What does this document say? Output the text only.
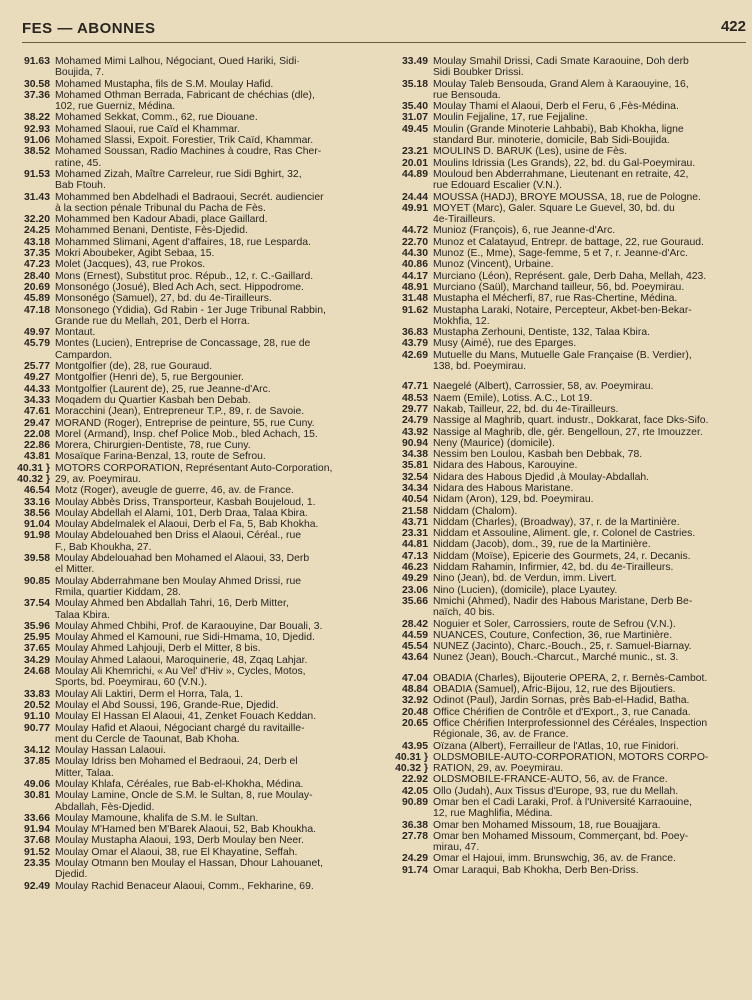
FES — ABONNES	422
91.63 Mohamed Mimi Lalhou, Négociant, Oued Hariki, Sidi·
Boujida, 7.
30.58 Mohamed Mustapha, fils de S.M. Moulay Hafid.
37.36 Mohamed Othman Berrada, Fabricant de chéchias (dle),
102, rue Guerniz, Médina.
38.22 Mohamed Sekkat, Comm., 62, rue Diouane.
92.93 Mohamed Slaoui, rue Caïd el Khammar.
91.06 Mohamed Slassi, Expoit. Forestier, Trik Caïd, Khammar.
38.52 Mohamed Soussan, Radio Machines à coudre, Ras Cher-
ratine, 45.
91.53 Mohamed Zizah, Maître Carreleur, rue Sidi Bghirt, 32,
Bab Ftouh.
31.43 Mohammed ben Abdelhadi el Badraoui, Secrét. audiencier
à la section pénale Tribunal du Pacha de Fès.
32.20 Mohammed ben Kadour Abadi, place Gaillard.
24.25 Mohammed Benani, Dentiste, Fès-Djedid.
43.18 Mohammed Slimani, Agent d'affaires, 18, rue Lesparda.
37.35 Mokri Aboubeker, Agibt Sebaa, 15.
47.23 Molet (Jacques), 43, rue Prokos.
28.40 Mons (Ernest), Substitut proc. Répub., 12, r. C.-Gaillard.
20.69 Monsonégo (Josué), Bled Ach Ach, sect. Hippodrome.
45.89 Monsonégo (Samuel), 27, bd. du 4e-Tirailleurs.
47.18 Monsonego (Ydidia), Gd Rabin - 1er Juge Tribunal Rabbin,
Grande rue du Mellah, 201, Derb el Horra.
49.97 Montaut.
45.79 Montes (Lucien), Entreprise de Concassage, 28, rue de
Campardon.
25.77 Montgolfier (de), 28, rue Gouraud.
49.27 Montgolfier (Henri de), 5, rue Bergounier.
44.33 Montgolfier (Laurent de), 25, rue Jeanne-d'Arc.
34.33 Moqadem du Quartier Kasbah ben Debab.
47.61 Moracchini (Jean), Entrepreneur T.P., 89, r. de Savoie.
29.47 MORAND (Roger), Entreprise de peinture, 55, rue Cuny.
22.08 Morel (Armand), Insp. chef Police Mob., bled Achach, 15.
22.86 Morera, Chirurgien-Dentiste, 78, rue Cuny.
43.81 Mosaïque Farina-Benzal, 13, route de Sefrou.
40.31 } MOTORS CORPORATION, Représentant Auto-Corporation,
40.32 } 29, av. Poeymirau.
46.54 Motz (Roger), aveugle de guerre, 46, av. de France.
33.16 Moulay Abbès Driss, Transporteur, Kasbah Boujeloud, 1.
38.56 Moulay Abdellah el Alami, 101, Derb Draa, Talaa Kbira.
91.04 Moulay Abdelmalek el Alaoui, Derb el Fa, 5, Bab Khokha.
91.98 Moulay Abdelouahed ben Driss el Alaoui, Céréal., rue
F., Bab Khoukha, 27.
39.58 Moulay Abdelouahad ben Mohamed el Alaoui, 33, Derb
el Mitter.
90.85 Moulay Abderrahmane ben Moulay Ahmed Drissi, rue
Rmila, quartier Kiddam, 28.
37.54 Moulay Ahmed ben Abdallah Tahri, 16, Derb Mitter,
Talaa Kbira.
35.96 Moulay Ahmed Chbihi, Prof. de Karaouyine, Dar Bouali, 3.
25.95 Moulay Ahmed el Kamouni, rue Sidi-Hmama, 10, Djedid.
37.65 Moulay Ahmed Lahjouji, Derb el Mitter, 8 bis.
34.29 Moulay Ahmed Lalaoui, Maroquinerie, 48, Zqaq Lahjar.
24.68 Moulay Ali Khemrichi, « Au Vel' d'Hiv », Cycles, Motos,
Sports, bd. Poeymirau, 60 (V.N.).
33.83 Moulay Ali Laktiri, Derm el Horra, Tala, 1.
20.52 Moulay el Abd Soussi, 196, Grande-Rue, Djedid.
91.10 Moulay El Hassan El Alaoui, 41, Zenket Fouach Keddan.
90.77 Moulay Hafid et Alaoui, Négociant chargé du ravitaille-
ment du Cercle de Taounat, Bab Khoha.
34.12 Moulay Hassan Lalaoui.
37.85 Moulay Idriss ben Mohamed el Bedraoui, 24, Derb el
Mitter, Talaa.
49.06 Moulay Khlafa, Céréales, rue Bab-el-Khokha, Médina.
30.81 Moulay Lamine, Oncle de S.M. le Sultan, 8, rue Moulay-
Abdallah, Fès-Djedid.
33.66 Moulay Mamoune, khalifa de S.M. le Sultan.
91.94 Moulay M'Hamed ben M'Barek Alaoui, 52, Bab Khoukha.
37.68 Moulay Mustapha Alaoui, 193, Derb Moulay ben Neer.
91.52 Moulay Omar el Alaoui, 38, rue El Khayatine, Seffah.
23.35 Moulay Otmann ben Moulay el Hassan, Dhour Lahouanet,
Djedid.
92.49 Moulay Rachid Benaceur Alaoui, Comm., Fekharine, 69.
33.49 Moulay Smahil Drissi, Cadi Smate Karaouine, Doh derb
Sidi Boubker Drissi.
35.18 Moulay Taleb Bensouda, Grand Alem à Karaouyine, 16,
rue Bensouda.
35.40 Moulay Thami el Alaoui, Derb el Feru, 6 ,Fès-Médina.
31.07 Moulin Fejjaline, 17, rue Fejjaline.
49.45 Moulin (Grande Minoterie Lahbabi), Bab Khokha, ligne
standard Bur. minoterie, domicile, Bab Sidi-Boujida.
23.21 MOULINS D. BARUK (Les), usine de Fès.
20.01 Moulins Idrissia (Les Grands), 22, bd. du Gal-Poeymirau.
44.89 Mouloud ben Abderrahmane, Lieutenant en retraite, 42,
rue Edouard Escalier (V.N.).
24.44 MOUSSA (HADJ), BROYE MOUSSA, 18, rue de Pologne.
49.91 MOYET (Marc), Galer. Square Le Guevel, 30, bd. du
4e-Tirailleurs.
44.72 Munioz (François), 6, rue Jeanne-d'Arc.
22.70 Munoz et Calatayud, Entrepr. de battage, 22, rue Gouraud.
44.30 Munoz (E., Mme), Sage-femme, 5 et 7, r. Jeanne-d'Arc.
40.86 Munoz (Vincent), Urbaine.
44.17 Murciano (Léon), Représent. gale, Derb Daha, Mellah, 423.
48.91 Murciano (Saül), Marchand tailleur, 56, bd. Poeymirau.
31.48 Mustapha el Mécherfi, 87, rue Ras-Chertine, Médina.
91.62 Mustapha Laraki, Notaire, Percepteur, Akbet-ben-Bekar-
Mokhfia, 12.
36.83 Mustapha Zerhouni, Dentiste, 132, Talaa Kbira.
43.79 Musy (Aimé), rue des Eparges.
42.69 Mutuelle du Mans, Mutuelle Gale Française (B. Verdier),
138, bd. Poeymirau.
47.71 Naegelé (Albert), Carrossier, 58, av. Poeymirau.
48.53 Naem (Emile), Lotiss. A.C., Lot 19.
29.77 Nakab, Tailleur, 22, bd. du 4e-Tirailleurs.
24.79 Nassige al Maghrib, quart. industr., Dokkarat, face Dks-Sifo.
43.92 Nassige al Maghrib, dle, gér. Bengelloun, 27, rte Imouzzer.
90.94 Neny (Maurice) (domicile).
34.38 Nessim ben Loulou, Kasbah ben Debbak, 78.
35.81 Nidara des Habous, Karouyine.
32.54 Nidara des Habous Djedid ,à Moulay-Abdallah.
34.34 Nidara des Habous Maristane.
40.54 Nidam (Aron), 129, bd. Poeymirau.
21.58 Niddam (Chalom).
43.71 Niddam (Charles), (Broadway), 37, r. de la Martinière.
23.31 Niddam et Assouline, Aliment. gle, r. Colonel de Castries.
44.81 Niddam (Jacob), dom., 39, rue de la Martinière.
47.13 Niddam (Moïse), Epicerie des Gourmets, 24, r. Decanis.
46.23 Niddam Rahamin, Infirmier, 42, bd. du 4e-Tirailleurs.
49.29 Nino (Jean), bd. de Verdun, imm. Livert.
23.06 Nino (Lucien), (domicile), place Lyautey.
35.66 Nmichi (Ahmed), Nadir des Habous Maristane, Derb Be-
naïch, 40 bis.
28.42 Noguier et Soler, Carrossiers, route de Sefrou (V.N.).
44.59 NUANCES, Couture, Confection, 36, rue Martinière.
45.54 NUNEZ (Jacinto), Charc.-Bouch., 25, r. Samuel-Biarnay.
43.64 Nunez (Jean), Bouch.-Charcut., Marché munic., st. 3.
47.04 OBADIA (Charles), Bijouterie OPERA, 2, r. Bernès-Cambot.
48.84 OBADIA (Samuel), Afric-Bijou, 12, rue des Bijoutiers.
32.92 Odinot (Paul), Jardin Sornas, près Bab-el-Hadid, Batha.
20.48 Office Chérifien de Contrôle et d'Export., 3, rue Canada.
20.65 Office Chérifien Interprofessionnel des Céréales, Inspection
Régionale, 36, av. de France.
43.95 Oïzana (Albert), Ferrailleur de l'Atlas, 10, rue Finidori.
40.31 } OLDSMOBILE-AUTO-CORPORATION, MOTORS CORPO-
40.32 } RATION, 29, av. Poeymirau.
22.92 OLDSMOBILE-FRANCE-AUTO, 56, av. de France.
42.05 Ollo (Judah), Aux Tissus d'Europe, 93, rue du Mellah.
90.89 Omar ben el Cadi Laraki, Prof. à l'Université Karraouine,
12, rue Maghlifia, Médina.
36.38 Omar ben Mohamed Missoum, 18, rue Bouajjara.
27.78 Omar ben Mohamed Missoum, Commerçant, bd. Poey-
mirau, 47.
24.29 Omar el Hajoui, imm. Brunswchig, 36, av. de France.
91.74 Omar Laraqui, Bab Khokha, Derb Ben-Driss.
